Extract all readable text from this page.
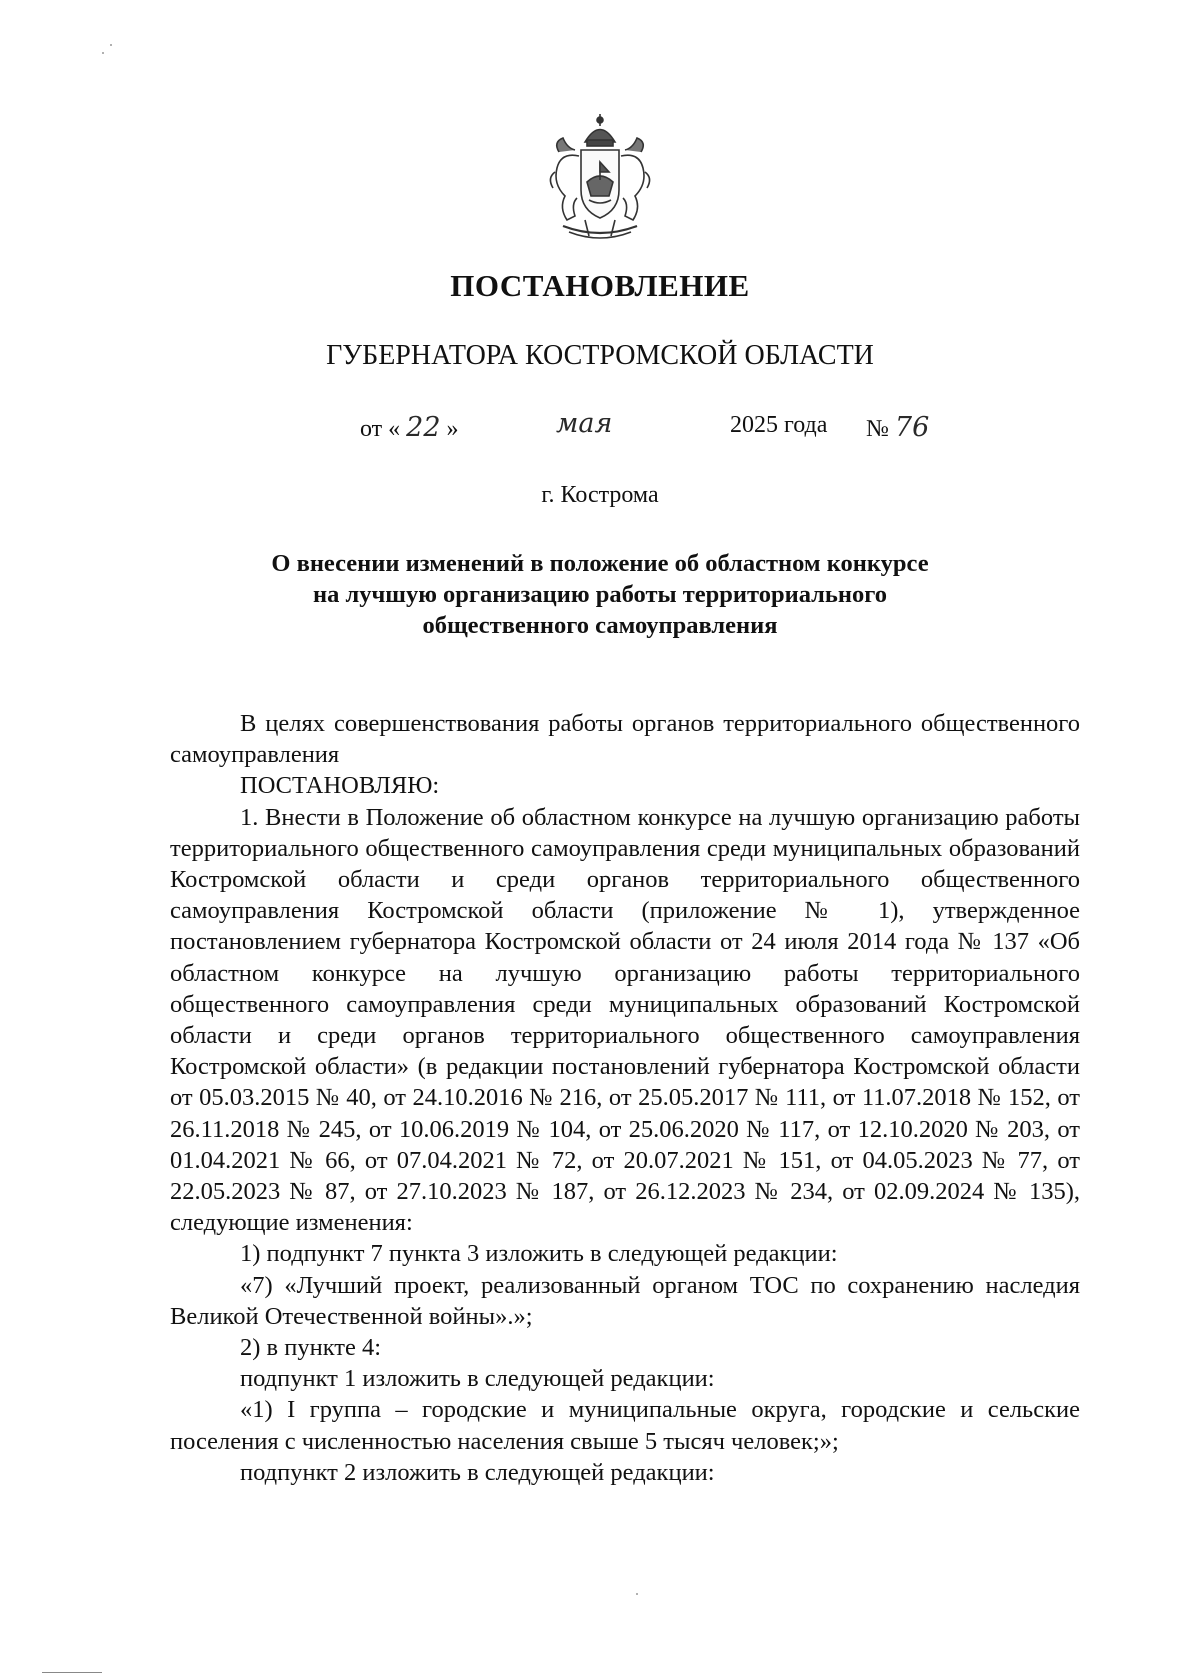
ПОСТАНОВЛЕНИЕ
ГУБЕРНАТОРА КОСТРОМСКОЙ ОБЛАСТИ
от « 22 »	мая	2025 года № 76
г. Кострома
О внесении изменений в положение об областном конкурсе
на лучшую организацию работы территориального
общественного самоуправления

В целях совершенствования работы органов территориального общественного самоуправления

ПОСТАНОВЛЯЮ:

1. Внести в Положение об областном конкурсе на лучшую организацию работы территориального общественного самоуправления среди муниципальных образований Костромской области и среди органов территориального общественного самоуправления Костромской области (приложение № 1), утвержденное постановлением губернатора Костромской области от 24 июля 2014 года № 137 «Об областном конкурсе на лучшую организацию работы территориального общественного самоуправления среди муниципальных образований Костромской области и среди органов территориального общественного самоуправления Костромской области» (в редакции постановлений губернатора Костромской области от 05.03.2015 № 40, от 24.10.2016 № 216, от 25.05.2017 № 111, от 11.07.2018 № 152, от 26.11.2018 № 245, от 10.06.2019 № 104, от 25.06.2020 № 117, от 12.10.2020 № 203, от 01.04.2021 № 66, от 07.04.2021 № 72, от 20.07.2021 № 151, от 04.05.2023 № 77, от 22.05.2023 № 87, от 27.10.2023 № 187, от 26.12.2023 № 234, от 02.09.2024 № 135), следующие изменения:

1) подпункт 7 пункта 3 изложить в следующей редакции:

«7) «Лучший проект, реализованный органом ТОС по сохранению наследия Великой Отечественной войны».»;

2) в пункте 4:

подпункт 1 изложить в следующей редакции:

«1) I группа – городские и муниципальные округа, городские и сельские поселения с численностью населения свыше 5 тысяч человек;»;

подпункт 2 изложить в следующей редакции:
